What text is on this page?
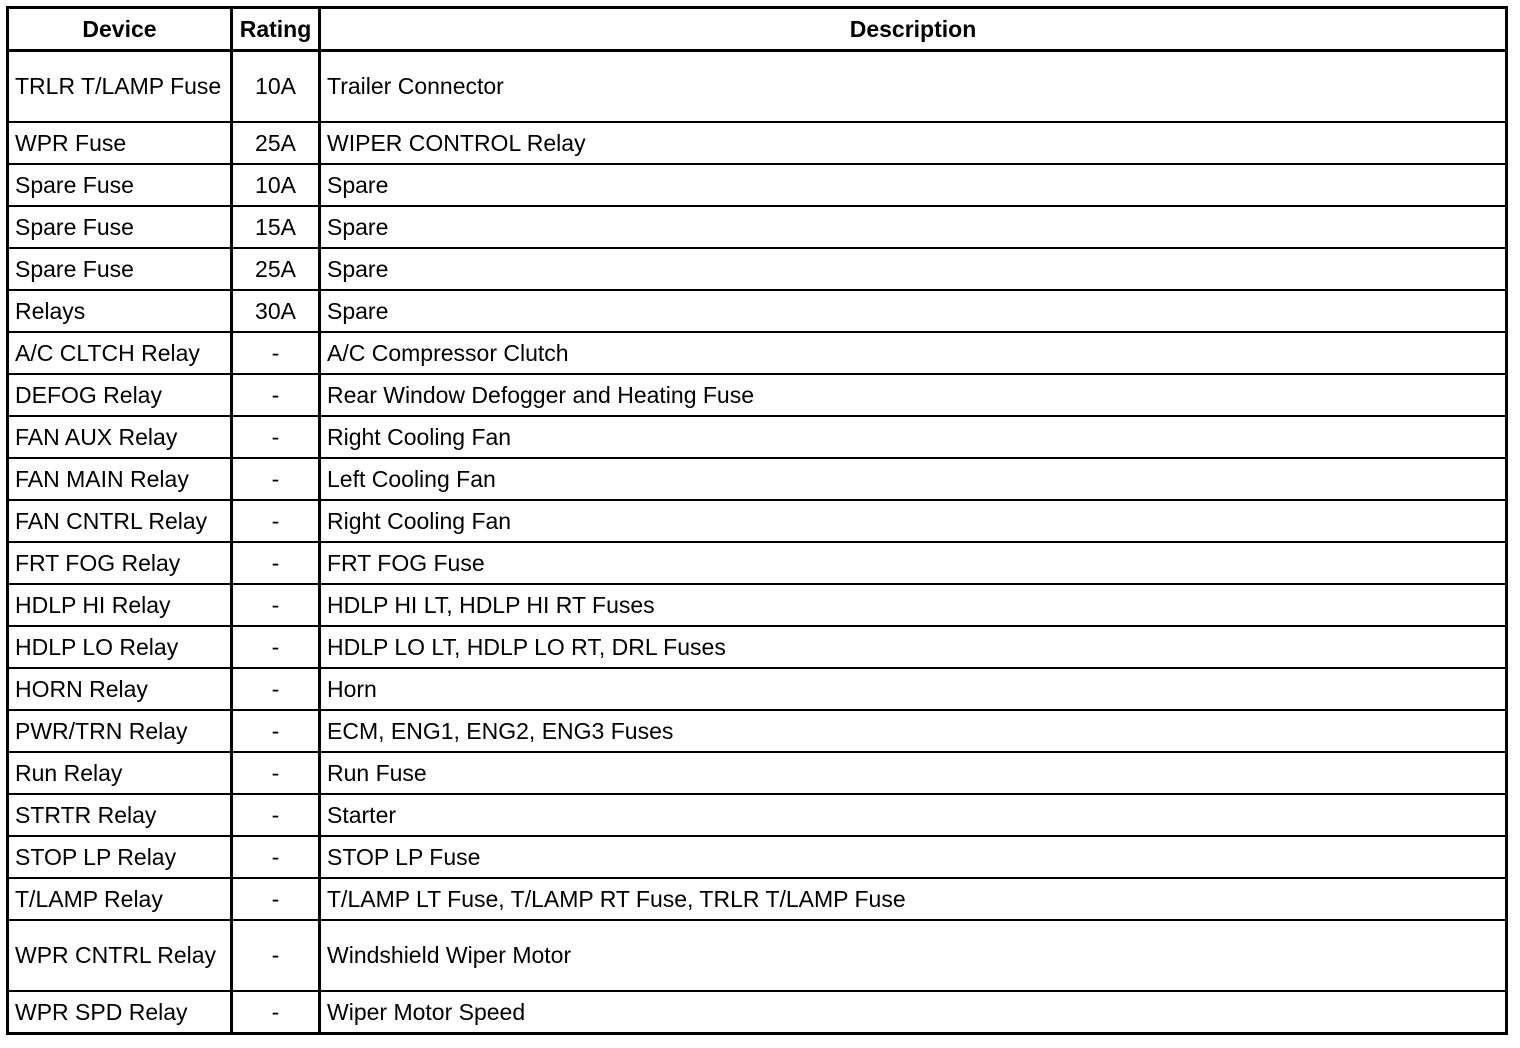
Device	Rating	Description
TRLR T/LAMP Fuse	10A	Trailer Connector
WPR Fuse	25A	WIPER CONTROL Relay
Spare Fuse	10A	Spare
Spare Fuse	15A	Spare
Spare Fuse	25A	Spare
Relays	30A	Spare
A/C CLTCH Relay	-	A/C Compressor Clutch
DEFOG Relay	-	Rear Window Defogger and Heating Fuse
FAN AUX Relay	-	Right Cooling Fan
FAN MAIN Relay	-	Left Cooling Fan
FAN CNTRL Relay	-	Right Cooling Fan
FRT FOG Relay	-	FRT FOG Fuse
HDLP HI Relay	-	HDLP HI LT, HDLP HI RT Fuses
HDLP LO Relay	-	HDLP LO LT, HDLP LO RT, DRL Fuses
HORN Relay	-	Horn
PWR/TRN Relay	-	ECM, ENG1, ENG2, ENG3 Fuses
Run Relay	-	Run Fuse
STRTR Relay	-	Starter
STOP LP Relay	-	STOP LP Fuse
T/LAMP Relay	-	T/LAMP LT Fuse, T/LAMP RT Fuse, TRLR T/LAMP Fuse
WPR CNTRL Relay	-	Windshield Wiper Motor
WPR SPD Relay	-	Wiper Motor Speed
